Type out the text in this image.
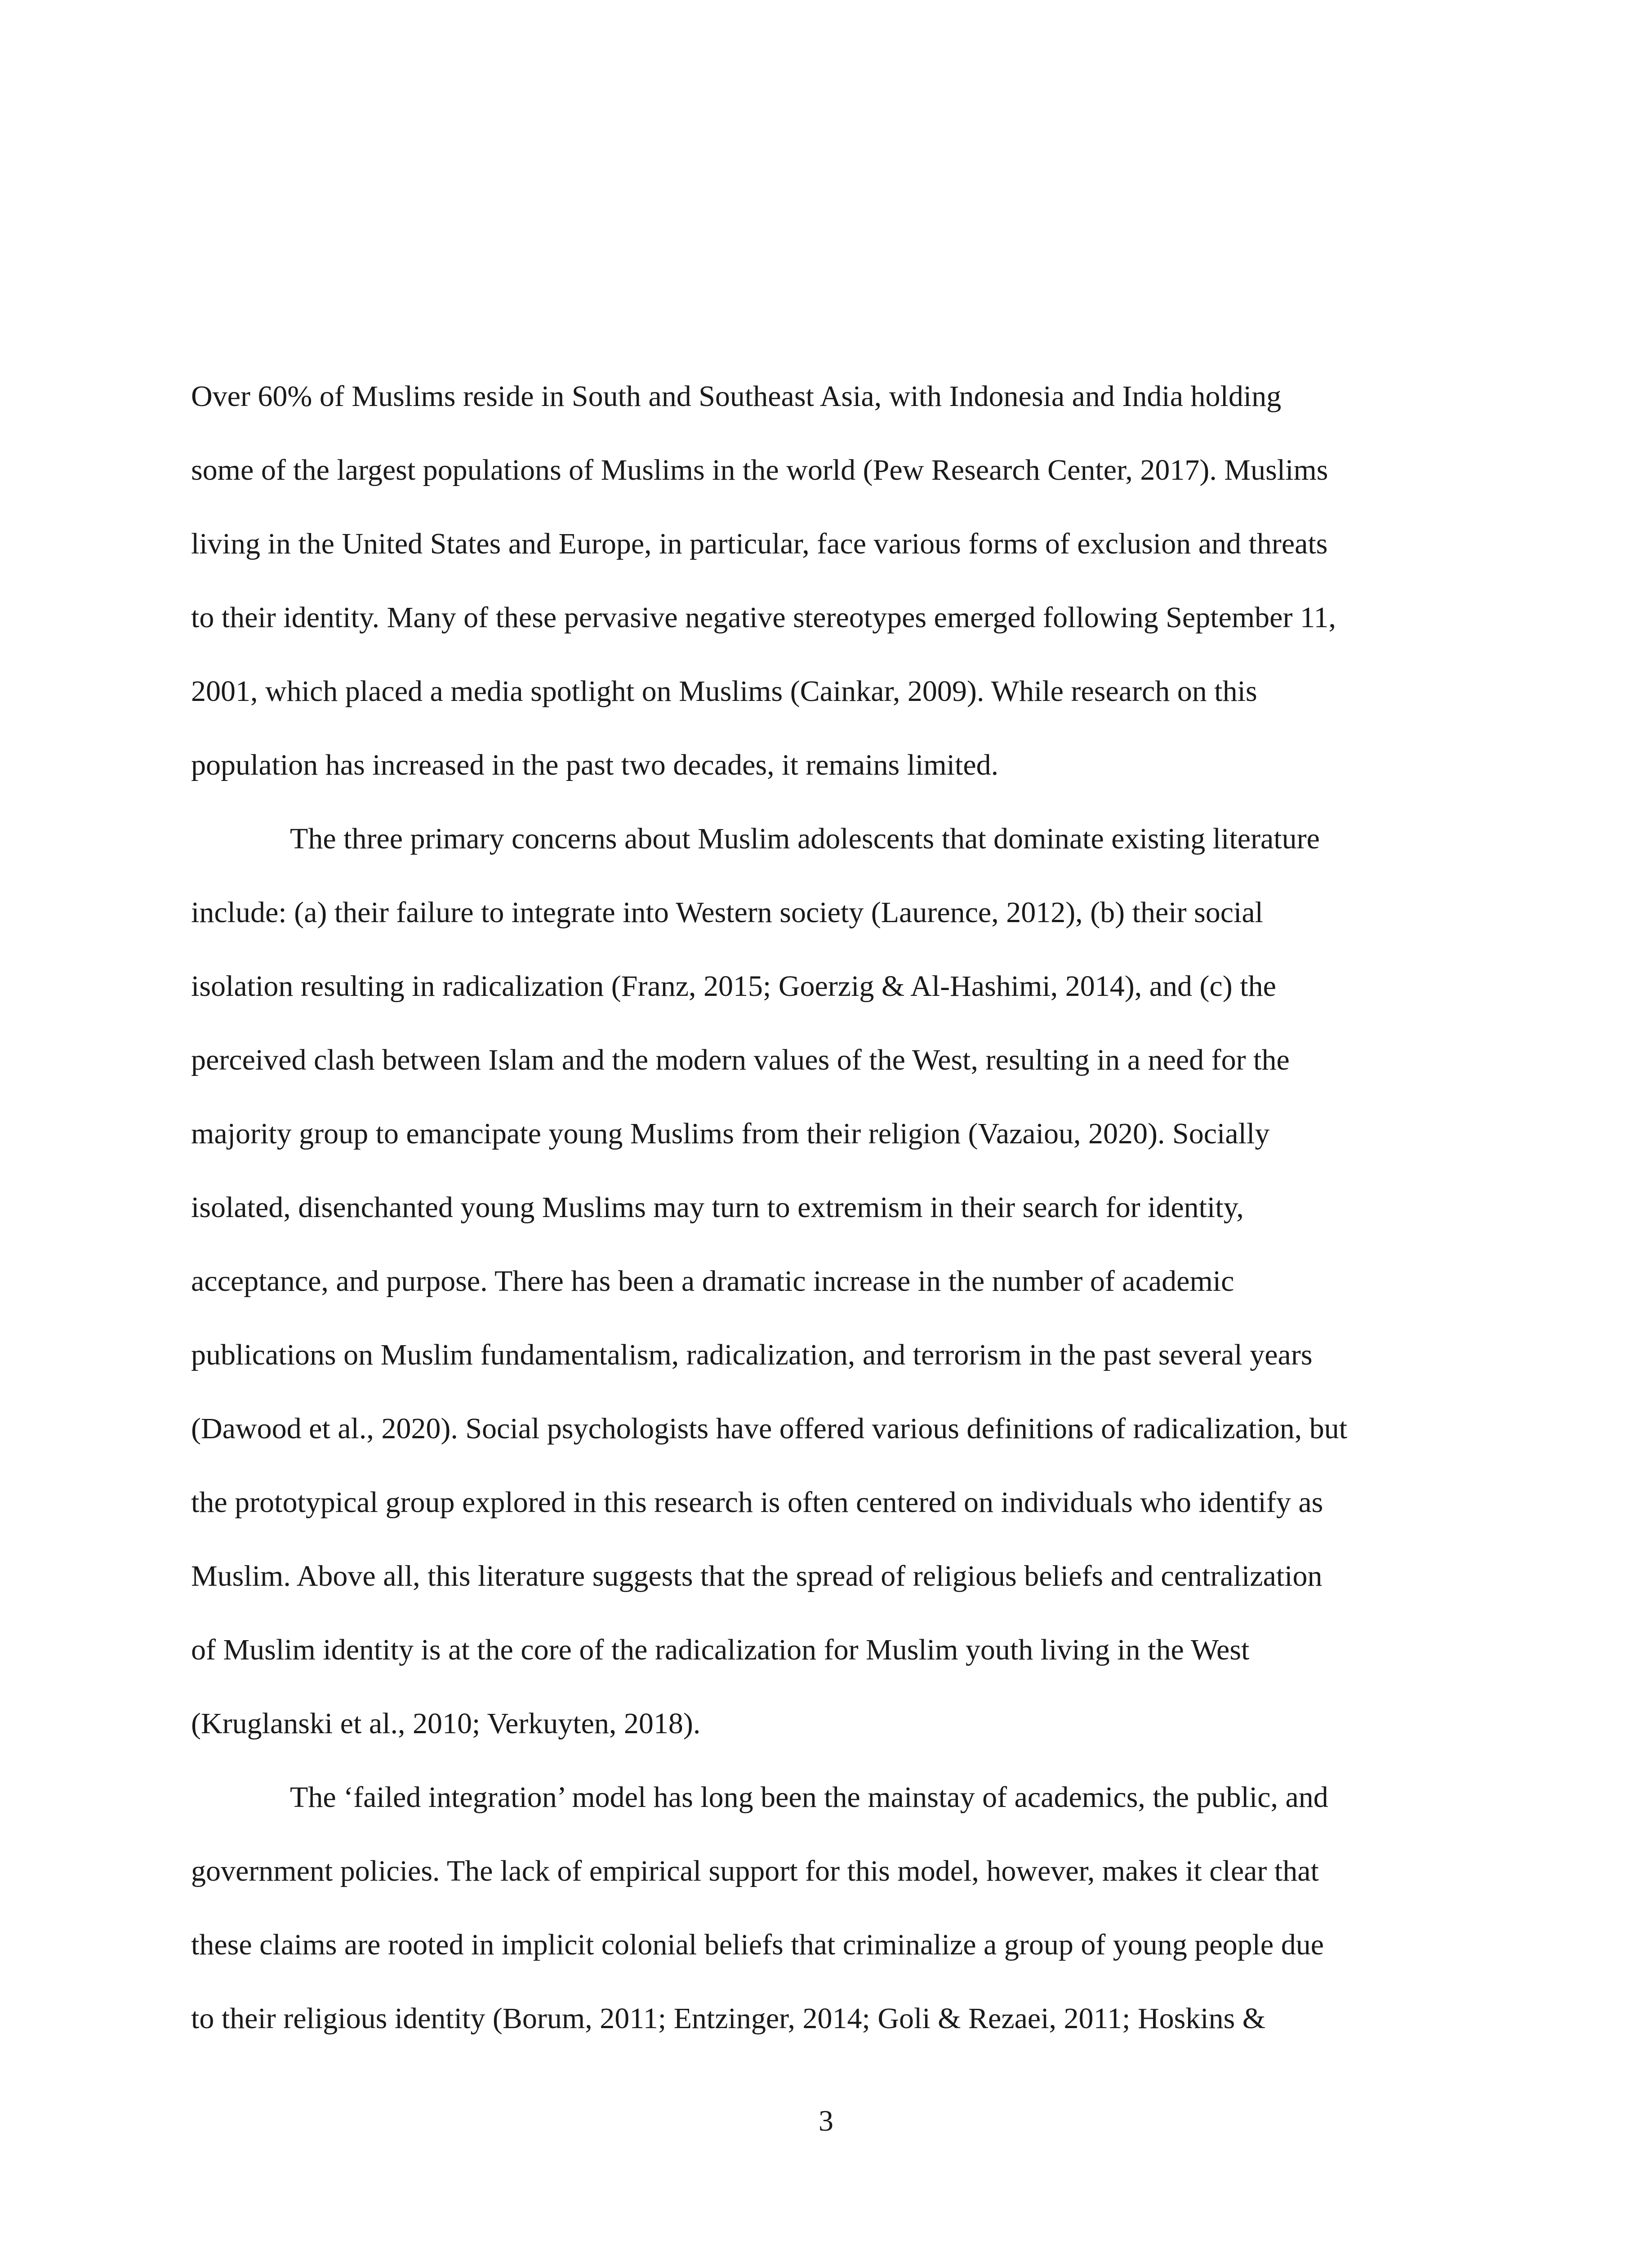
Over 60% of Muslims reside in South and Southeast Asia, with Indonesia and India holding
some of the largest populations of Muslims in the world (Pew Research Center, 2017). Muslims
living in the United States and Europe, in particular, face various forms of exclusion and threats
to their identity. Many of these pervasive negative stereotypes emerged following September 11,
2001, which placed a media spotlight on Muslims (Cainkar, 2009). While research on this
population has increased in the past two decades, it remains limited.
The three primary concerns about Muslim adolescents that dominate existing literature
include: (a) their failure to integrate into Western society (Laurence, 2012), (b) their social
isolation resulting in radicalization (Franz, 2015; Goerzig & Al-Hashimi, 2014), and (c) the
perceived clash between Islam and the modern values of the West, resulting in a need for the
majority group to emancipate young Muslims from their religion (Vazaiou, 2020). Socially
isolated, disenchanted young Muslims may turn to extremism in their search for identity,
acceptance, and purpose. There has been a dramatic increase in the number of academic
publications on Muslim fundamentalism, radicalization, and terrorism in the past several years
(Dawood et al., 2020). Social psychologists have offered various definitions of radicalization, but
the prototypical group explored in this research is often centered on individuals who identify as
Muslim. Above all, this literature suggests that the spread of religious beliefs and centralization
of Muslim identity is at the core of the radicalization for Muslim youth living in the West
(Kruglanski et al., 2010; Verkuyten, 2018).
The ‘failed integration’ model has long been the mainstay of academics, the public, and
government policies. The lack of empirical support for this model, however, makes it clear that
these claims are rooted in implicit colonial beliefs that criminalize a group of young people due
to their religious identity (Borum, 2011; Entzinger, 2014; Goli & Rezaei, 2011; Hoskins &
3
